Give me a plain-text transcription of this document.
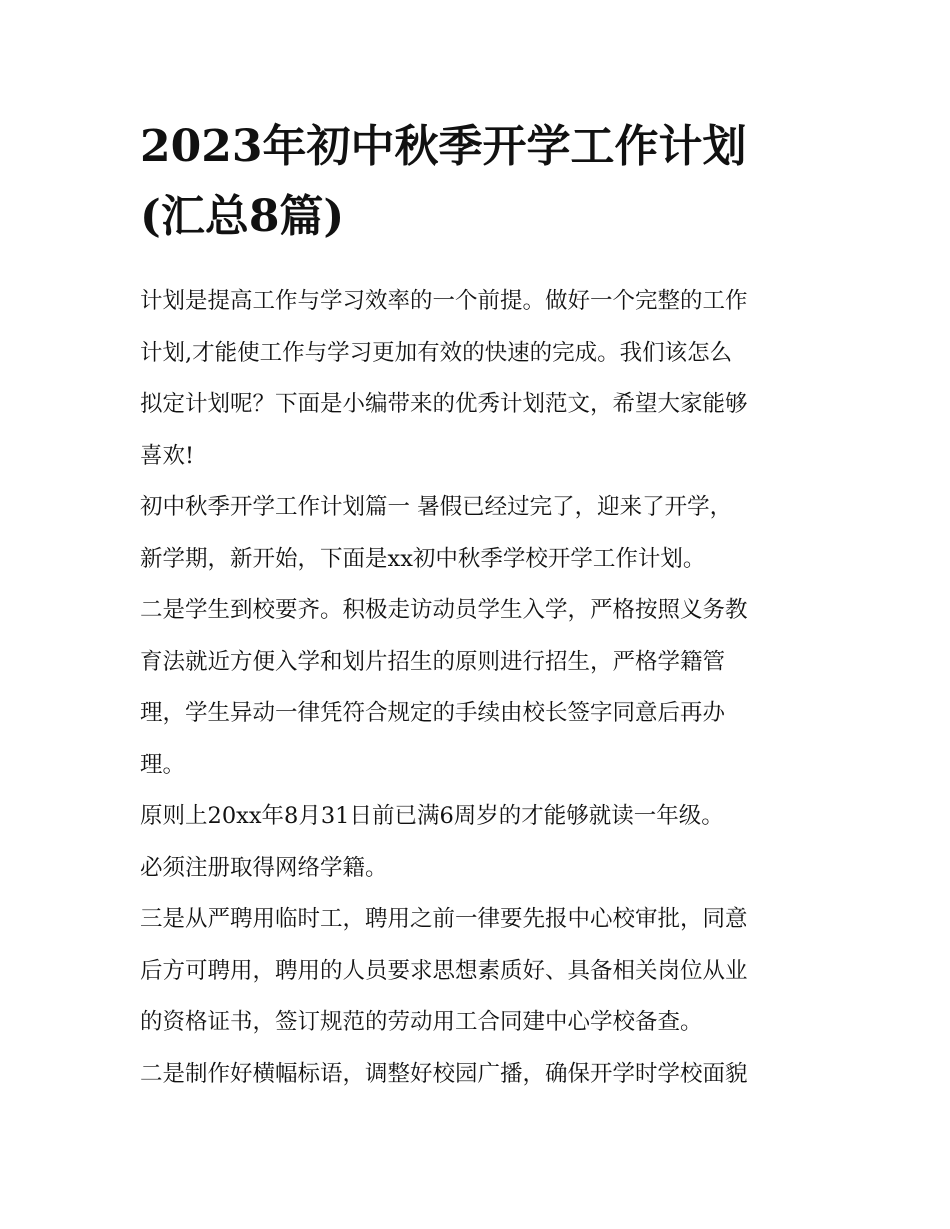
2023年初中秋季开学工作计划
(汇总8篇)

计划是提高工作与学习效率的一个前提。做好一个完整的工作

计划,才能使工作与学习更加有效的快速的完成。我们该怎么

拟定计划呢？下面是小编带来的优秀计划范文，希望大家能够

喜欢!

初中秋季开学工作计划篇一 暑假已经过完了，迎来了开学，

新学期，新开始，下面是xx初中秋季学校开学工作计划。

二是学生到校要齐。积极走访动员学生入学，严格按照义务教

育法就近方便入学和划片招生的原则进行招生，严格学籍管

理，学生异动一律凭符合规定的手续由校长签字同意后再办

理。

原则上20xx年8月31日前已满6周岁的才能够就读一年级。

必须注册取得网络学籍。

三是从严聘用临时工，聘用之前一律要先报中心校审批，同意

后方可聘用，聘用的人员要求思想素质好、具备相关岗位从业

的资格证书，签订规范的劳动用工合同建中心学校备查。

二是制作好横幅标语，调整好校园广播，确保开学时学校面貌
